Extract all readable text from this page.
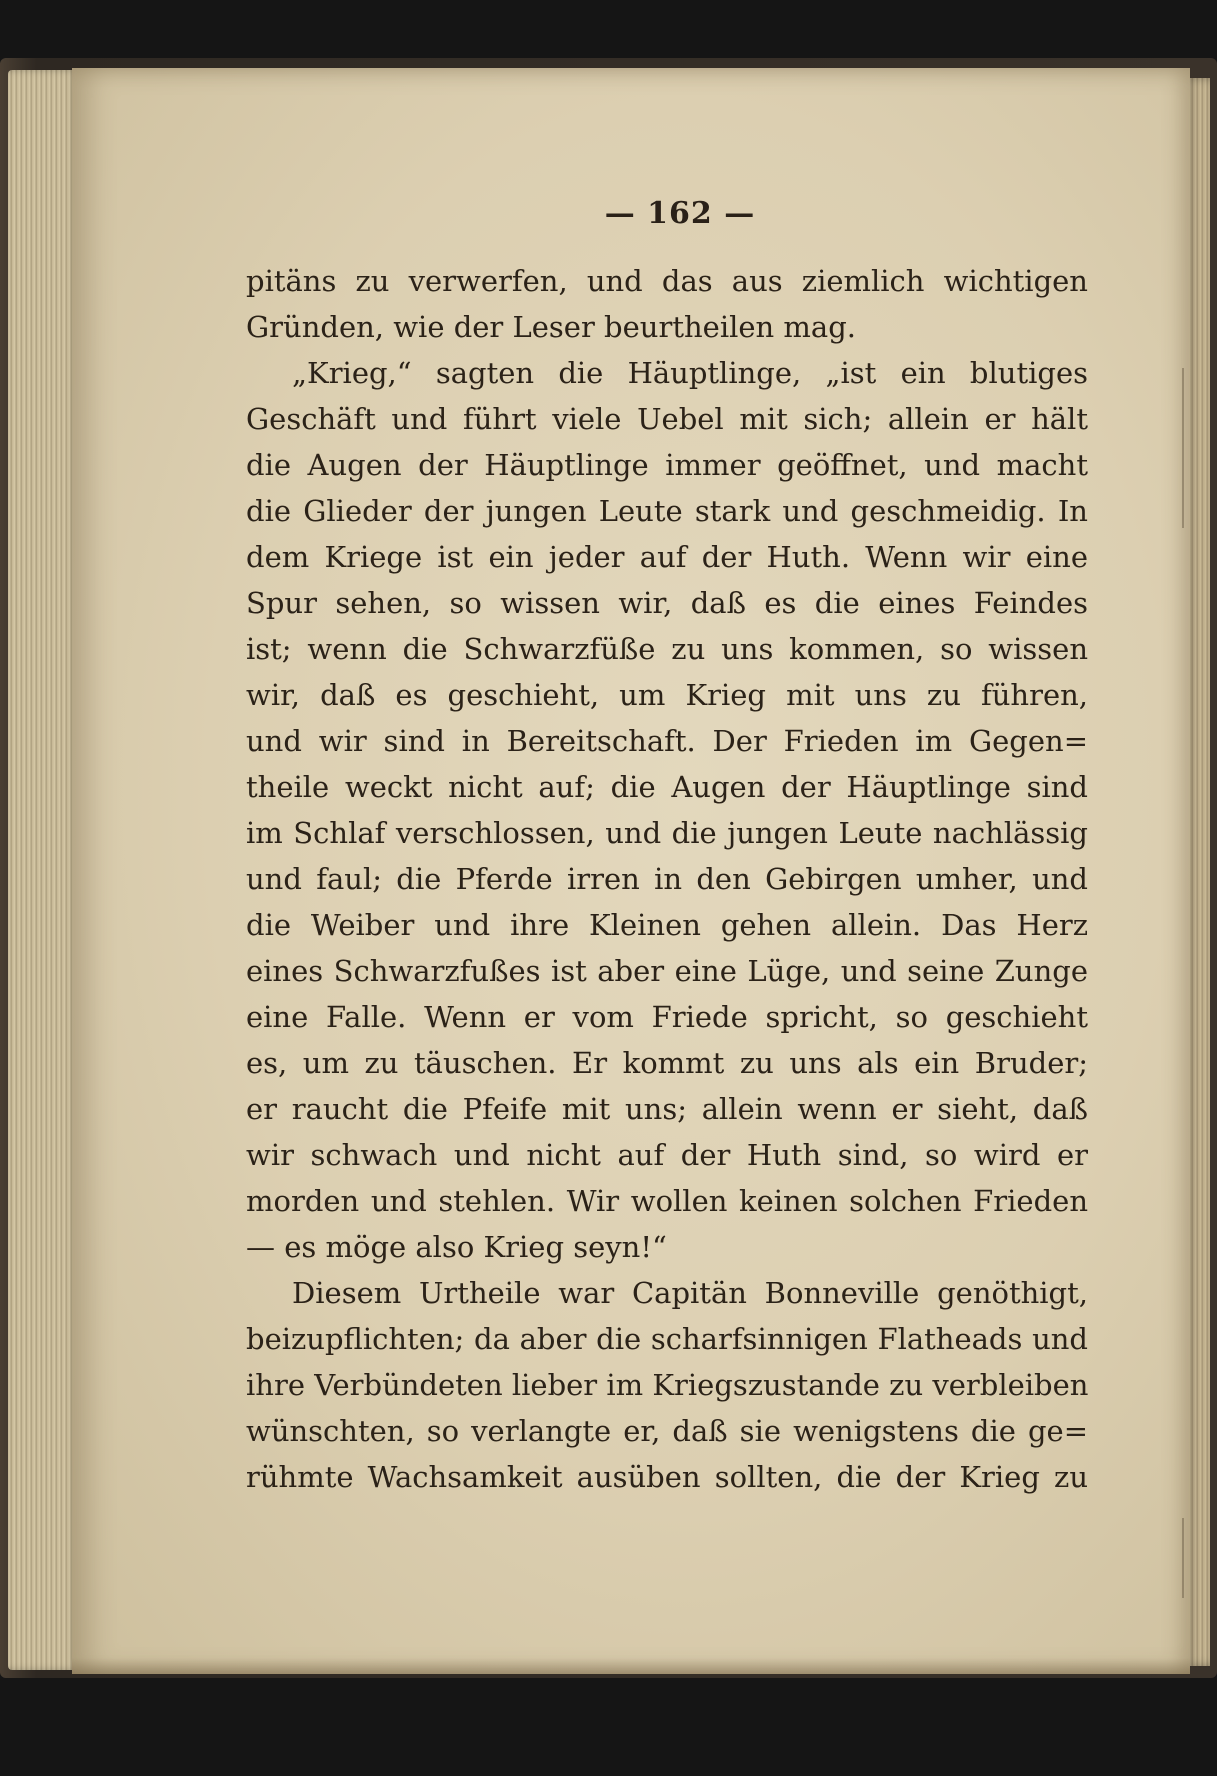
— 162 —
pitäns zu verwerfen, und das aus ziemlich wichtigen
Gründen, wie der Leser beurtheilen mag.
„Krieg,“ sagten die Häuptlinge, „ist ein blutiges
Geschäft und führt viele Uebel mit sich; allein er hält
die Augen der Häuptlinge immer geöffnet, und macht
die Glieder der jungen Leute stark und geschmeidig. In
dem Kriege ist ein jeder auf der Huth. Wenn wir eine
Spur sehen, so wissen wir, daß es die eines Feindes
ist; wenn die Schwarzfüße zu uns kommen, so wissen
wir, daß es geschieht, um Krieg mit uns zu führen,
und wir sind in Bereitschaft. Der Frieden im Gegen=
theile weckt nicht auf; die Augen der Häuptlinge sind
im Schlaf verschlossen, und die jungen Leute nachlässig
und faul; die Pferde irren in den Gebirgen umher, und
die Weiber und ihre Kleinen gehen allein. Das Herz
eines Schwarzfußes ist aber eine Lüge, und seine Zunge
eine Falle. Wenn er vom Friede spricht, so geschieht
es, um zu täuschen. Er kommt zu uns als ein Bruder;
er raucht die Pfeife mit uns; allein wenn er sieht, daß
wir schwach und nicht auf der Huth sind, so wird er
morden und stehlen. Wir wollen keinen solchen Frieden
— es möge also Krieg seyn!“
Diesem Urtheile war Capitän Bonneville genöthigt,
beizupflichten; da aber die scharfsinnigen Flatheads und
ihre Verbündeten lieber im Kriegszustande zu verbleiben
wünschten, so verlangte er, daß sie wenigstens die ge=
rühmte Wachsamkeit ausüben sollten, die der Krieg zu
